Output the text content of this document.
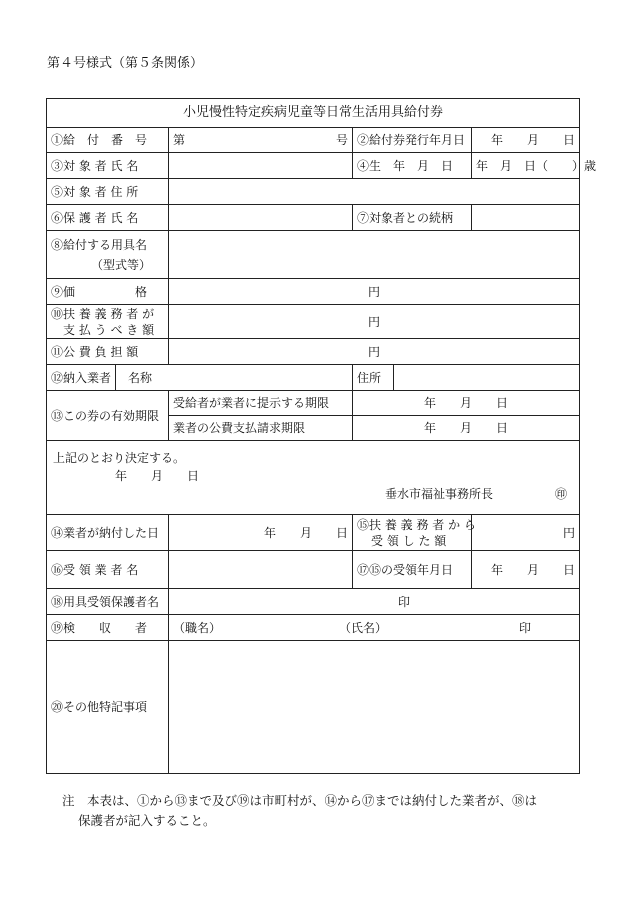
第４号様式（第５条関係）
小児慢性特定疾病児童等日常生活用具給付券					
①給　付　番　号		第 号	②給付券発行年月日		年　　月　　日
③対 象 者 氏 名			④生　年　月　日		年　月　日（　　）歳
⑤対 象 者 住 所					
⑥保 護 者 氏 名			⑦対象者との続柄		

⑧給付する用具名
（型式等）					

⑨価　　　　　格		円			

⑩扶 養 義 務 者 が
支 払 う べ き 額		円			
⑪公 費 負 担 額		円			
⑫納入業者	名称		住所		
⑬この券の有効期限		受給者が業者に提示する期限	年　　月　　日		
		業者の公費支払請求期限	年　　月　　日		

上記のとおり決定する。
年　　月　　日
垂水市福祉事務所長 ㊞					

⑭業者が納付した日		年　　月　　日	⑮扶 養 義 務 者 か ら
受 領 し た 額		円
⑯受 領 業 者 名			⑰⑮の受領年月日		年　　月　　日
⑱用具受領保護者名		印			
⑲検　　収　　者		（職名） （氏名） 印			

⑳その他特記事項					
注　本表は、①から⑬まで及び⑲は市町村が、⑭から⑰までは納付した業者が、⑱は
保護者が記入すること。
